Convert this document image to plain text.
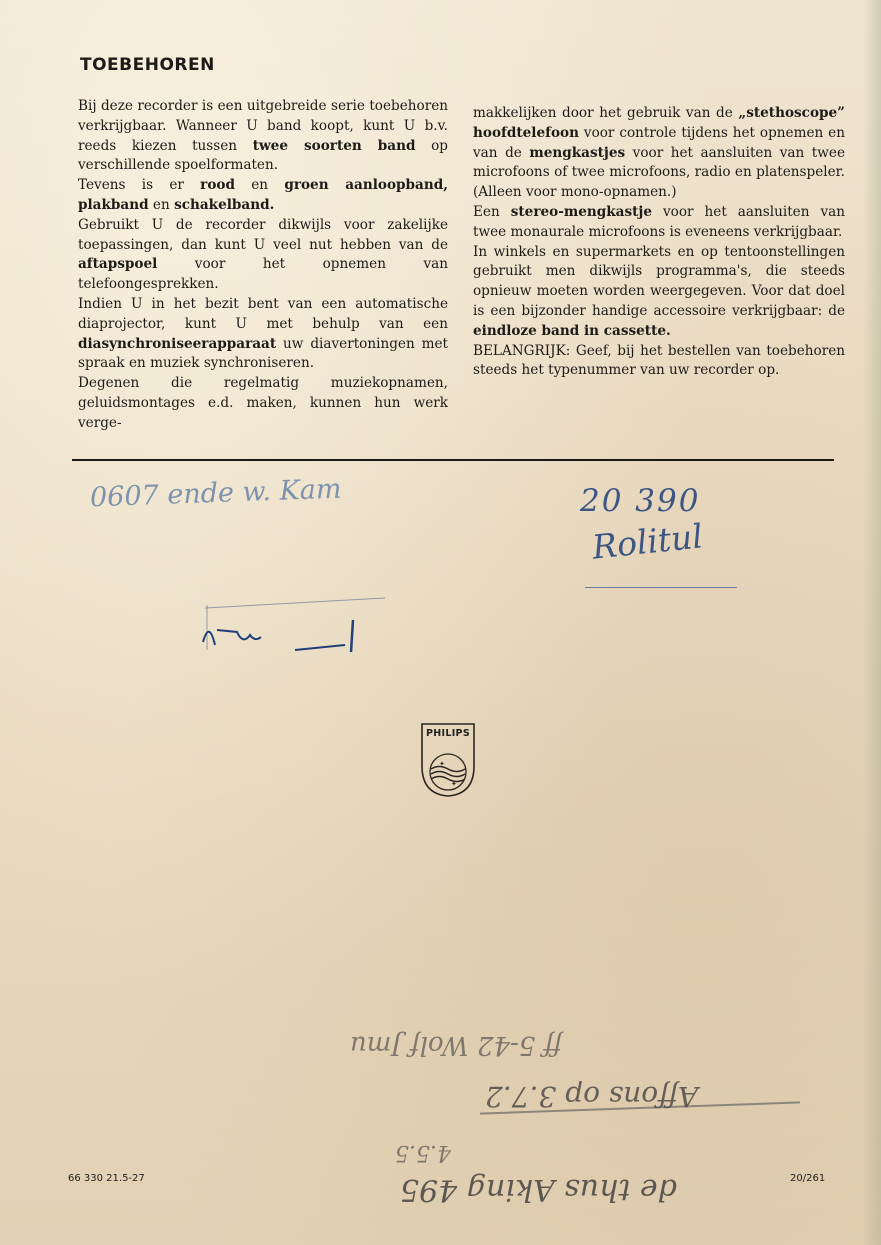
TOEBEHOREN

Bij deze recorder is een uitgebreide serie toebehoren verkrijgbaar. Wanneer U band koopt, kunt U b.v. reeds kiezen tussen twee soorten band op verschillende spoelformaten.

Tevens is er rood en groen aanloopband, plakband en schakelband.

Gebruikt U de recorder dikwijls voor zakelijke toepassingen, dan kunt U veel nut hebben van de aftapspoel voor het opnemen van telefoongesprekken.

Indien U in het bezit bent van een automatische diaprojector, kunt U met behulp van een diasynchroniseerapparaat uw diavertoningen met spraak en muziek synchroniseren.

Degenen die regelmatig muziekopnamen, geluidsmontages e.d. maken, kunnen hun werk verge-

makkelijken door het gebruik van de „stethoscope” hoofdtelefoon voor controle tijdens het opnemen en van de mengkastjes voor het aansluiten van twee microfoons of twee microfoons, radio en platenspeler. (Alleen voor mono-opnamen.)

Een stereo-mengkastje voor het aansluiten van twee monaurale microfoons is eveneens verkrijgbaar.

In winkels en supermarkets en op tentoonstellingen gebruikt men dikwijls programma's, die steeds opnieuw moeten worden weergegeven. Voor dat doel is een bijzonder handige accessoire verkrijgbaar: de eindloze band in cassette.

BELANGRIJK: Geef, bij het bestellen van toebehoren steeds het typenummer van uw recorder op.

0607 ende w. Kam	20 390
Rolitul
✦
✦
PHILIPS
ff 5-42 Wolf Jmu
Affons op 3.7.2
4.5.5
de thus Aking 495
66 330 21.5-27	20/261
